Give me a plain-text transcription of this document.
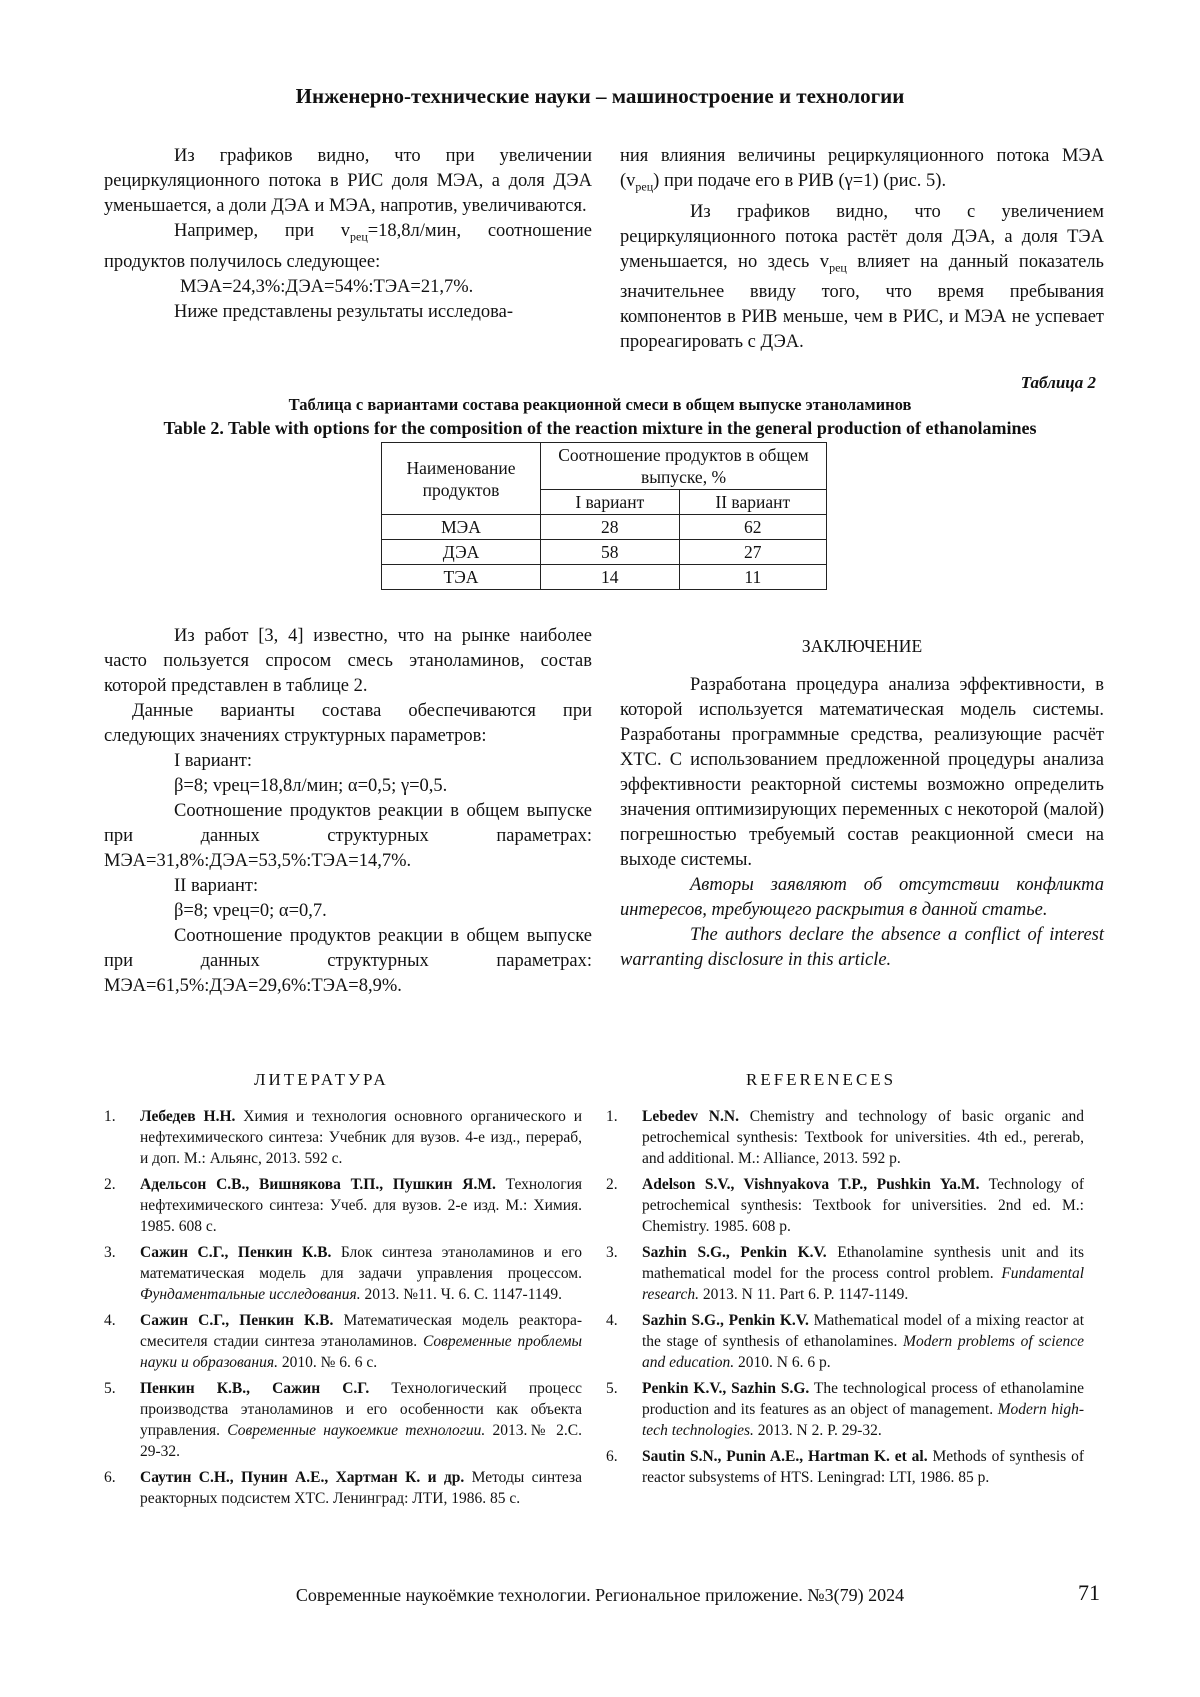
Инженерно-технические науки – машиностроение и технологии

Из графиков видно, что при увеличении рециркуляционного потока в РИС доля МЭА, а доля ДЭА уменьшается, а доли ДЭА и МЭА, напротив, увеличиваются.

Например, при $v_{рец}=18,8л$/мин, соотношение продуктов получилось следующее:

МЭА=24,3%:ДЭА=54%:ТЭА=21,7%.

Ниже представлены результаты исследова-

ния влияния величины рециркуляционного потока МЭА $(v_{рец})$ при подаче его в РИВ (γ=1) (рис. 5).

Из графиков видно, что с увеличением рециркуляционного потока растёт доля ДЭА, а доля ТЭА уменьшается, но здесь $v_{рец}$ влияет на данный показатель значительнее ввиду того, что время пребывания компонентов в РИВ меньше, чем в РИС, и МЭА не успевает прореагировать с ДЭА.

Таблица 2
Таблица с вариантами состава реакционной смеси в общем выпуске этаноламинов
Table 2. Table with options for the composition of the reaction mixture in the general production of ethanolamines
Наименование продуктов	Соотношение продуктов в общем выпуске, %	
	I вариант	II вариант
МЭА	28	62
ДЭА	58	27
ТЭА	14	11

Из работ [3, 4] известно, что на рынке наиболее часто пользуется спросом смесь этаноламинов, состав которой представлен в таблице 2.

Данные варианты состава обеспечиваются при следующих значениях структурных параметров:

I вариант:

β=8; vрец=18,8л/мин; α=0,5; γ=0,5.

Соотношение продуктов реакции в общем выпуске при данных структурных параметрах: МЭА=31,8%:ДЭА=53,5%:ТЭА=14,7%.

II вариант:

β=8; vрец=0; α=0,7.

Соотношение продуктов реакции в общем выпуске при данных структурных параметрах: МЭА=61,5%:ДЭА=29,6%:ТЭА=8,9%.

ЗАКЛЮЧЕНИЕ

Разработана процедура анализа эффективности, в которой используется математическая модель системы. Разработаны программные средства, реализующие расчёт ХТС. С использованием предложенной процедуры анализа эффективности реакторной системы возможно определить значения оптимизирующих переменных с некоторой (малой) погрешностью требуемый состав реакционной смеси на выходе системы.

Авторы заявляют об отсутствии конфликта интересов, требующего раскрытия в данной статье.

The authors declare the absence a conflict of interest warranting disclosure in this article.

ЛИТЕРАТУРА	REFERENECES
1. Лебедев Н.Н. Химия и технология основного органического и нефтехимического синтеза: Учебник для вузов. 4-е изд., перераб, и доп. М.: Альянс, 2013. 592 с.
2. Адельсон С.В., Вишнякова Т.П., Пушкин Я.М. Технология нефтехимического синтеза: Учеб. для вузов. 2-е изд. М.: Химия. 1985. 608 с.
3. Сажин С.Г., Пенкин К.В. Блок синтеза этаноламинов и его математическая модель для задачи управления процессом. Фундаментальные исследования. 2013. №11. Ч. 6. С. 1147-1149.
4. Сажин С.Г., Пенкин К.В. Математическая модель реактора-смесителя стадии синтеза этаноламинов. Современные проблемы науки и образования. 2010. № 6. 6 с.
5. Пенкин К.В., Сажин С.Г. Технологический процесс производства этаноламинов и его особенности как объекта управления. Современные наукоемкие технологии. 2013.№ 2.С. 29-32.
6. Саутин С.Н., Пунин А.Е., Хартман К. и др. Методы синтеза реакторных подсистем ХТС. Ленинград: ЛТИ, 1986. 85 с.
1. Lebedev N.N. Chemistry and technology of basic organic and petrochemical synthesis: Textbook for universities. 4th ed., pererab, and additional. M.: Alliance, 2013. 592 p.
2. Adelson S.V., Vishnyakova T.P., Pushkin Ya.M. Technology of petrochemical synthesis: Textbook for universities. 2nd ed. M.: Chemistry. 1985. 608 p.
3. Sazhin S.G., Penkin K.V. Ethanolamine synthesis unit and its mathematical model for the process control problem. Fundamental research. 2013. N 11. Part 6. P. 1147-1149.
4. Sazhin S.G., Penkin K.V. Mathematical model of a mixing reactor at the stage of synthesis of ethanolamines. Modern problems of science and education. 2010. N 6. 6 p.
5. Penkin K.V., Sazhin S.G. The technological process of ethanolamine production and its features as an object of management. Modern high-tech technologies. 2013. N 2. P. 29-32.
6. Sautin S.N., Punin A.E., Hartman K. et al. Methods of synthesis of reactor subsystems of HTS. Leningrad: LTI, 1986. 85 p.
Современные наукоёмкие технологии. Региональное приложение. №3(79) 2024	71
